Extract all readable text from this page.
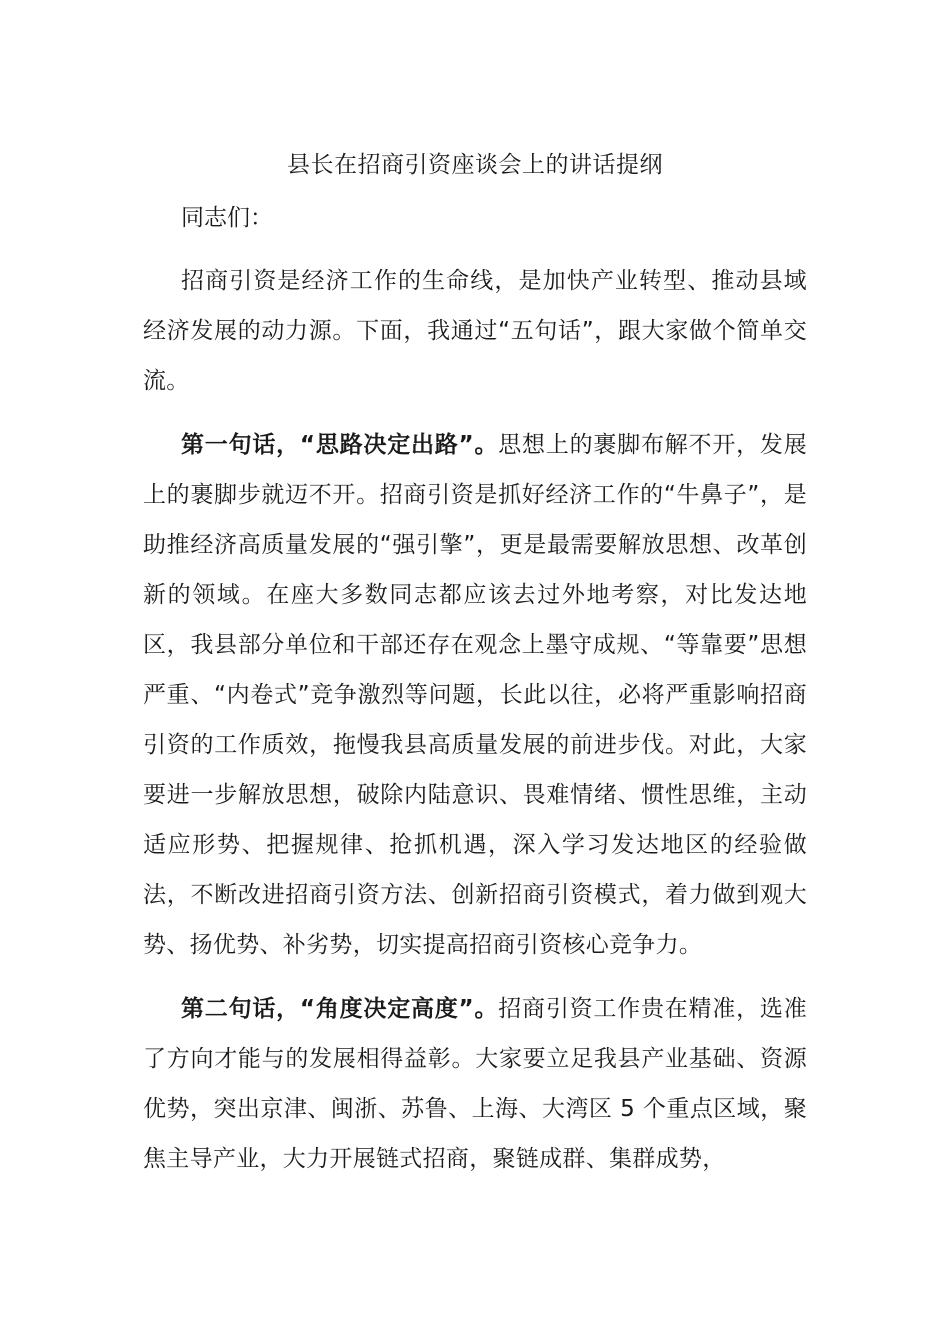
县长在招商引资座谈会上的讲话提纲

同志们：

招商引资是经济工作的生命线，是加快产业转型、推动县域经济发展的动力源。下面，我通过“五句话”，跟大家做个简单交流。

第一句话，“思路决定出路”。思想上的裹脚布解不开，发展上的裹脚步就迈不开。招商引资是抓好经济工作的“牛鼻子”，是助推经济高质量发展的“强引擎”，更是最需要解放思想、改革创新的领域。在座大多数同志都应该去过外地考察，对比发达地区，我县部分单位和干部还存在观念上墨守成规、“等靠要”思想严重、“内卷式”竞争激烈等问题，长此以往，必将严重影响招商引资的工作质效，拖慢我县高质量发展的前进步伐。对此，大家要进一步解放思想，破除内陆意识、畏难情绪、惯性思维，主动适应形势、把握规律、抢抓机遇，深入学习发达地区的经验做法，不断改进招商引资方法、创新招商引资模式，着力做到观大势、扬优势、补劣势，切实提高招商引资核心竞争力。

第二句话，“角度决定高度”。招商引资工作贵在精准，选准了方向才能与的发展相得益彰。大家要立足我县产业基础、资源优势，突出京津、闽浙、苏鲁、上海、大湾区 5 个重点区域，聚焦主导产业，大力开展链式招商，聚链成群、集群成势，
